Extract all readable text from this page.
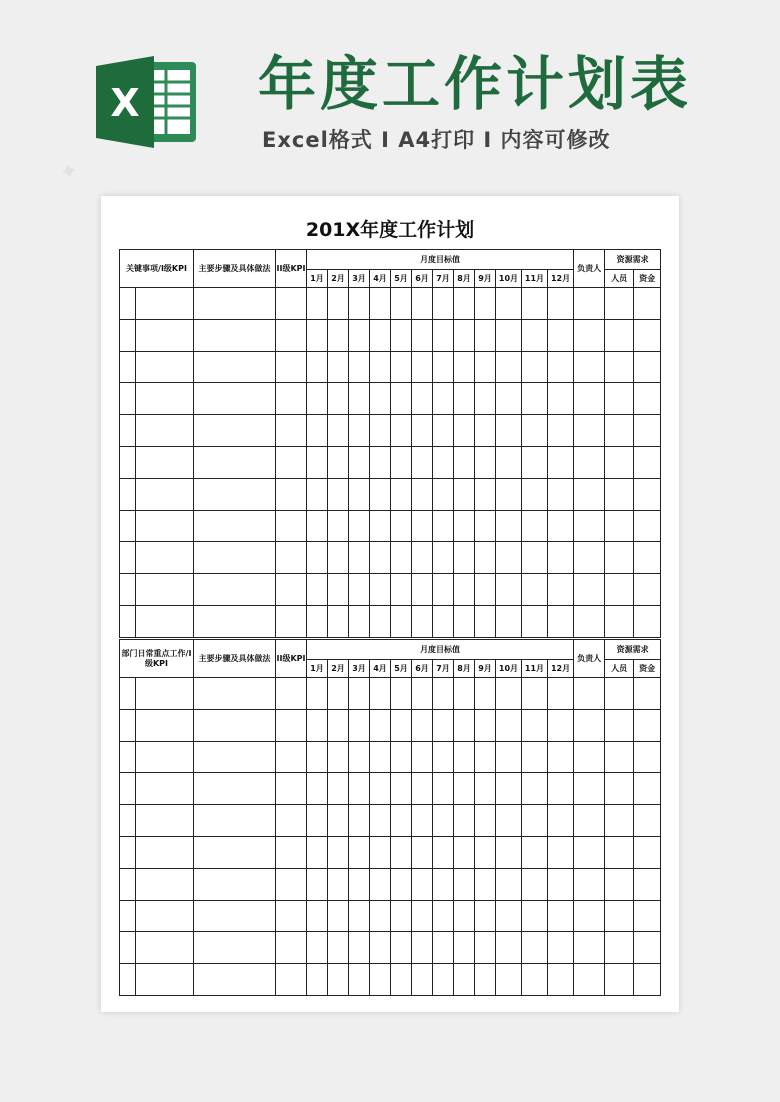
X 年度工作计划表
Excel格式 I A4打印 I 内容可修改
201X年度工作计划
关键事项/I级KPI		主要步骤及具体做法	II级KPI	月度目标值												负责人	资源需求	
				1月	2月	3月	4月	5月	6月	7月	8月	9月	10月	11月	12月		人员	资金

部门日常重点工作/I级KPI		主要步骤及具体做法	II级KPI	月度目标值												负责人	资源需求	
				1月	2月	3月	4月	5月	6月	7月	8月	9月	10月	11月	12月		人员	资金

✦
